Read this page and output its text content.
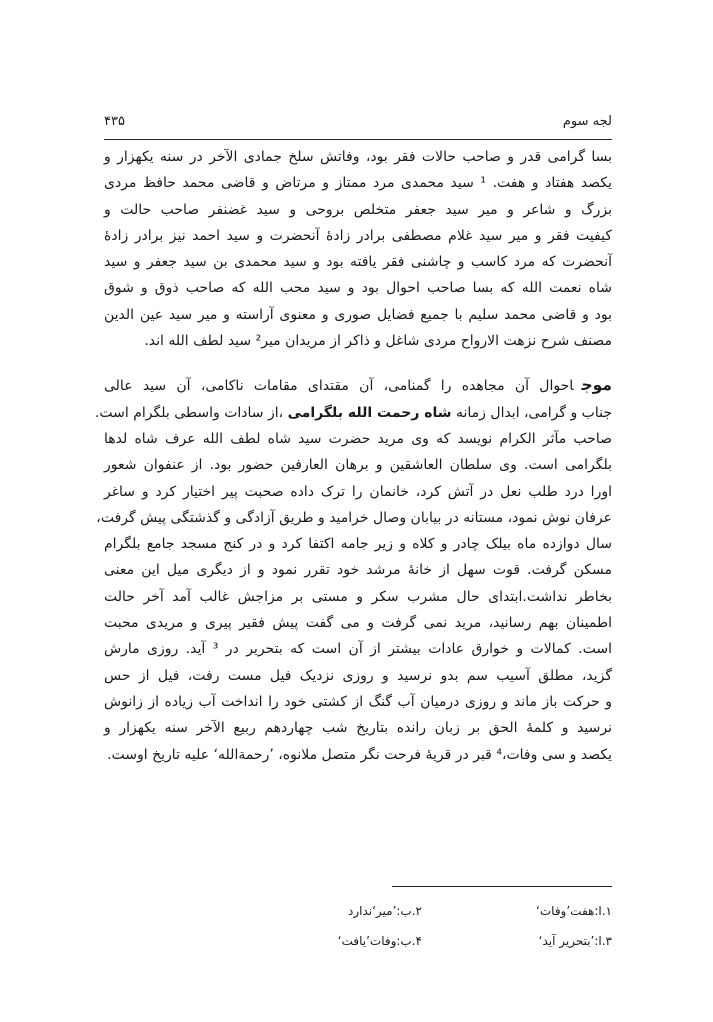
۴۳۵	لجه سوم

بسا گرامی قدر و صاحب حالات فقر بود، وفاتش سلخ جمادی الآخر در سنه یکهزار و
یکصد هفتاد و هفت. ¹ سید محمدی مرد ممتاز و مرتاض و قاضی محمد حافظ مردی
بزرگ و شاعر و میر سید جعفر متخلص بروحی و سید غضنفر صاحب حالت و
کیفیت فقر و میر سید غلام مصطفی برادر زادهٔ آنحضرت و سید احمد نیز برادر زادهٔ
آنحضرت که مرد کاسب و چاشنی فقر یافته بود و سید محمدی بن سید جعفر و سید
شاه نعمت الله که بسا صاحب احوال بود و سید محب الله که صاحب ذوق و شوق
بود و قاضی محمد سلیم با جمیع فضایل صوری و معنوی آراسته و میر سید عین الدین
مصنف شرح نزهت الارواح مردی شاغل و ذاکر از مریدان میر² سید لطف الله اند.

موجاحوال آن مجاهده را گمنامی، آن مقتدای مقامات ناکامی، آن سید عالی
جناب و گرامی، ابدال زمانه شاه رحمت الله بلگرامی ،از سادات واسطی بلگرام است.
صاحب مآثر الکرام نویسد که وی مرید حضرت سید شاه لطف الله عرف شاه لدها
بلگرامی است. وی سلطان العاشقین و برهان العارفین حضور بود. از عنفوان شعور
اورا درد طلب نعل در آتش کرد، خانمان را ترک داده صحبت پیر اختیار کرد و ساغر
عرفان نوش نمود، مستانه در بیابان وصال خرامید و طریق آزادگی و گذشتگی پیش گرفت،
سال دوازده ماه بیلک چادر و کلاه و زیر جامه اکتفا کرد و در کنج مسجد جامع بلگرام
مسکن گرفت. قوت سهل از خانهٔ مرشد خود تقرر نمود و از دیگری میل این معنی
بخاطر نداشت.ابتدای حال مشرب سکر و مستی بر مزاجش غالب آمد آخر حالت
اطمینان بهم رسانید، مرید نمی گرفت و می گفت پیش فقیر پیری و مریدی محبت
است. کمالات و خوارق عادات بیشتر از آن است که بتحریر در ³ آید. روزی مارش
گزید، مطلق آسیب سم بدو نرسید و روزی نزدیک فیل مست رفت، فیل از حس
و حرکت باز ماند و روزی درمیان آب گنگ از کشتی خود را انداخت آب زیاده از زانوش
نرسید و کلمهٔ الحق بر زبان رانده بتاریخ شب چهاردهم ربیع الآخر سنه یکهزار و
یکصد و سی وفات،⁴ قبر در قریهٔ فرحت نگر متصل ملانوه، ’رحمةالله‘ علیه تاریخ اوست.

۱.ا:هفت’وفات‘
۲.ب:’میر‘ندارد
۳.ا:’بتحریر آید‘
۴.ب:وفات’یافت‘
